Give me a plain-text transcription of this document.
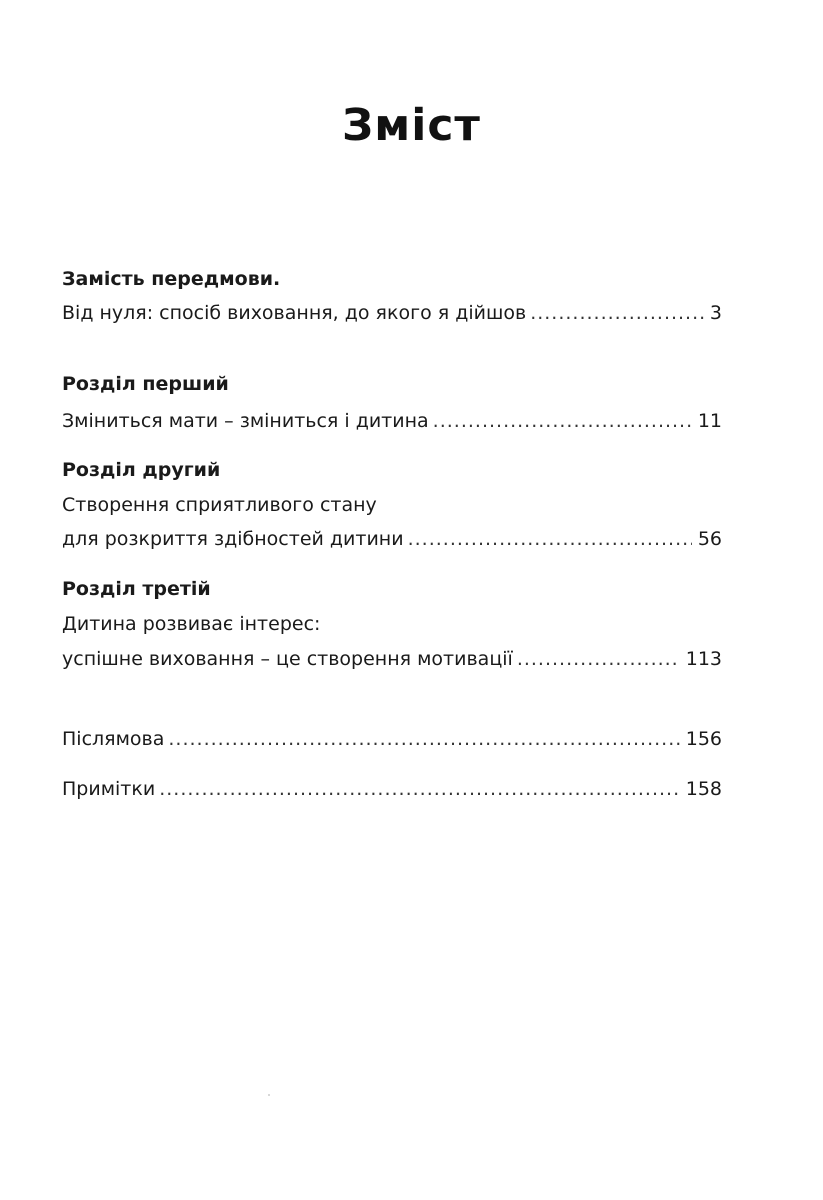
Зміст
Замість передмови.
Від нуля: спосіб виховання, до якого я дійшов .....	3
Розділ перший
Зміниться мати – зміниться і дитина .....	11
Розділ другий
Створення сприятливого стану
для розкриття здібностей дитини .....	56
Розділ третій
Дитина розвиває інтерес:
успішне виховання – це створення мотивації .....	113
Післямова .....	156
Примітки .....	158
